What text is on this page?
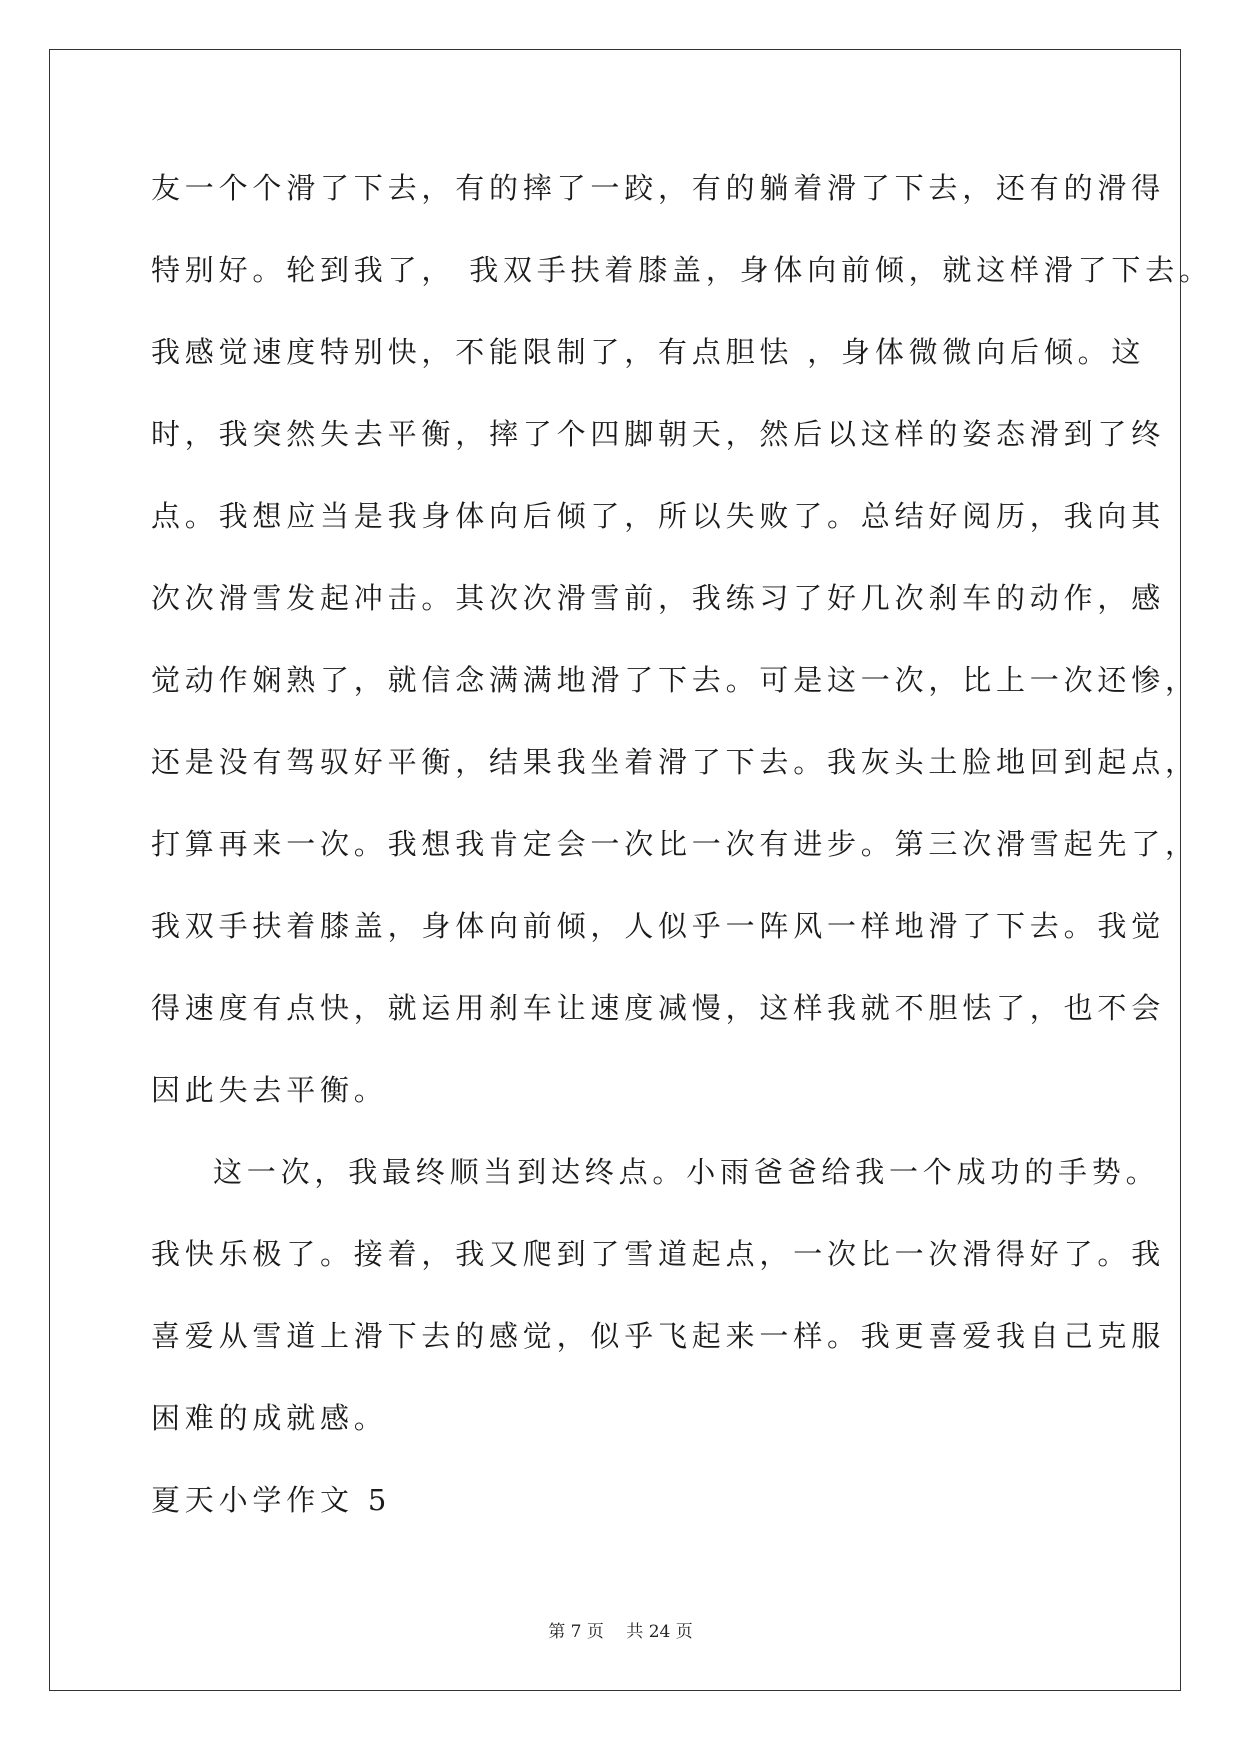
友一个个滑了下去，有的摔了一跤，有的躺着滑了下去，还有的滑得
特别好。轮到我了， 我双手扶着膝盖，身体向前倾，就这样滑了下去。
我感觉速度特别快，不能限制了，有点胆怯 ，身体微微向后倾。这
时，我突然失去平衡，摔了个四脚朝天，然后以这样的姿态滑到了终
点。我想应当是我身体向后倾了，所以失败了。总结好阅历，我向其
次次滑雪发起冲击。其次次滑雪前，我练习了好几次刹车的动作，感
觉动作娴熟了，就信念满满地滑了下去。可是这一次，比上一次还惨，
还是没有驾驭好平衡，结果我坐着滑了下去。我灰头土脸地回到起点，
打算再来一次。我想我肯定会一次比一次有进步。第三次滑雪起先了，
我双手扶着膝盖，身体向前倾，人似乎一阵风一样地滑了下去。我觉
得速度有点快，就运用刹车让速度减慢，这样我就不胆怯了，也不会
因此失去平衡。
这一次，我最终顺当到达终点。小雨爸爸给我一个成功的手势。
我快乐极了。接着，我又爬到了雪道起点，一次比一次滑得好了。我
喜爱从雪道上滑下去的感觉，似乎飞起来一样。我更喜爱我自己克服
困难的成就感。
夏天小学作文 5
第 7 页　 共 24 页
